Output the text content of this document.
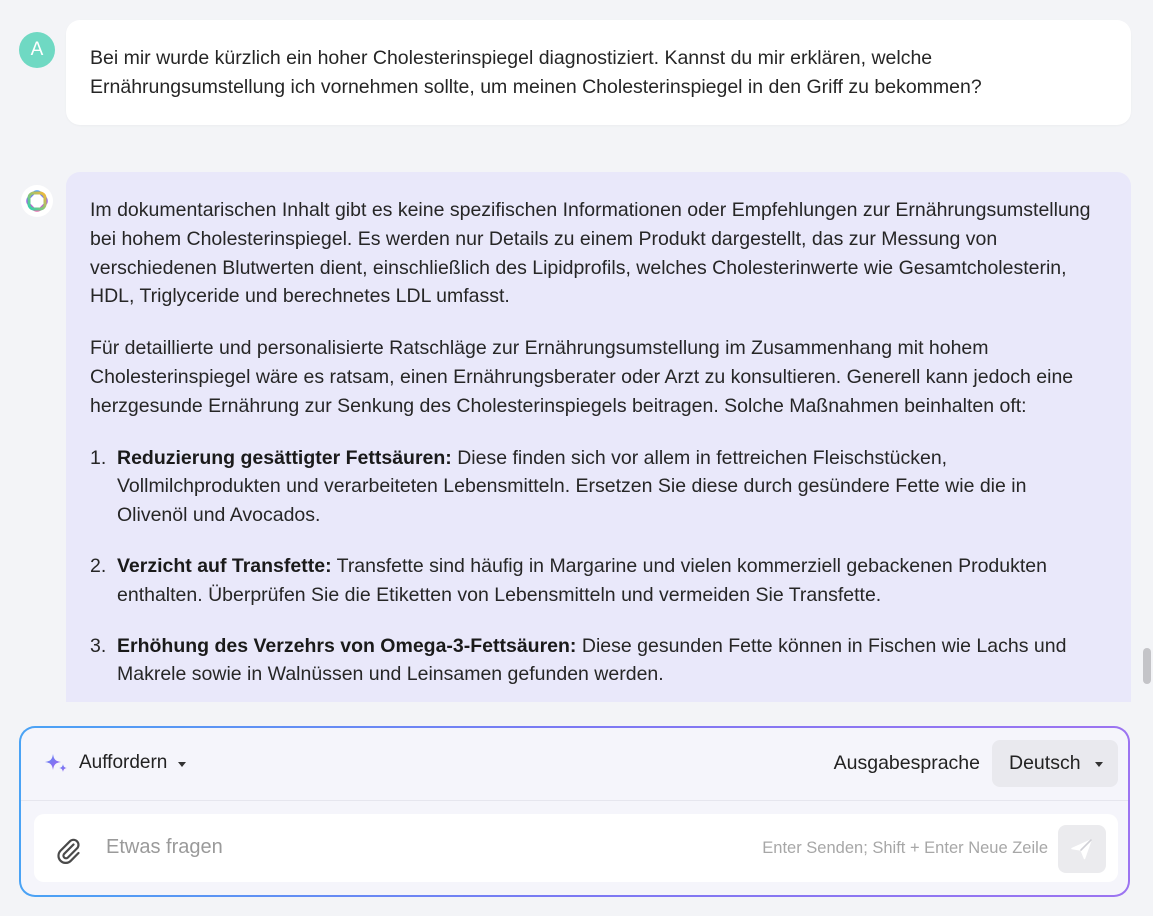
A	Bei mir wurde kürzlich ein hoher Cholesterinspiegel diagnostiziert. Kannst du mir erklären, welche Ernährungsumstellung ich vornehmen sollte, um meinen Cholesterinspiegel in den Griff zu bekommen?

Im dokumentarischen Inhalt gibt es keine spezifischen Informationen oder Empfehlungen zur Ernährungsumstellung bei hohem Cholesterinspiegel. Es werden nur Details zu einem Produkt dargestellt, das zur Messung von verschiedenen Blutwerten dient, einschließlich des Lipidprofils, welches Cholesterinwerte wie Gesamtcholesterin, HDL, Triglyceride und berechnetes LDL umfasst.

Für detaillierte und personalisierte Ratschläge zur Ernährungsumstellung im Zusammenhang mit hohem Cholesterinspiegel wäre es ratsam, einen Ernährungsberater oder Arzt zu konsultieren. Generell kann jedoch eine herzgesunde Ernährung zur Senkung des Cholesterinspiegels beitragen. Solche Maßnahmen beinhalten oft:

1. Reduzierung gesättigter Fettsäuren: Diese finden sich vor allem in fettreichen Fleischstücken, Vollmilchprodukten und verarbeiteten Lebensmitteln. Ersetzen Sie diese durch gesündere Fette wie die in Olivenöl und Avocados.
2. Verzicht auf Transfette: Transfette sind häufig in Margarine und vielen kommerziell gebackenen Produkten enthalten. Überprüfen Sie die Etiketten von Lebensmitteln und vermeiden Sie Transfette.
3. Erhöhung des Verzehrs von Omega-3-Fettsäuren: Diese gesunden Fette können in Fischen wie Lachs und Makrele sowie in Walnüssen und Leinsamen gefunden werden.
Auffordern	Ausgabesprache Deutsch
Etwas fragen
Enter Senden; Shift + Enter Neue Zeile
